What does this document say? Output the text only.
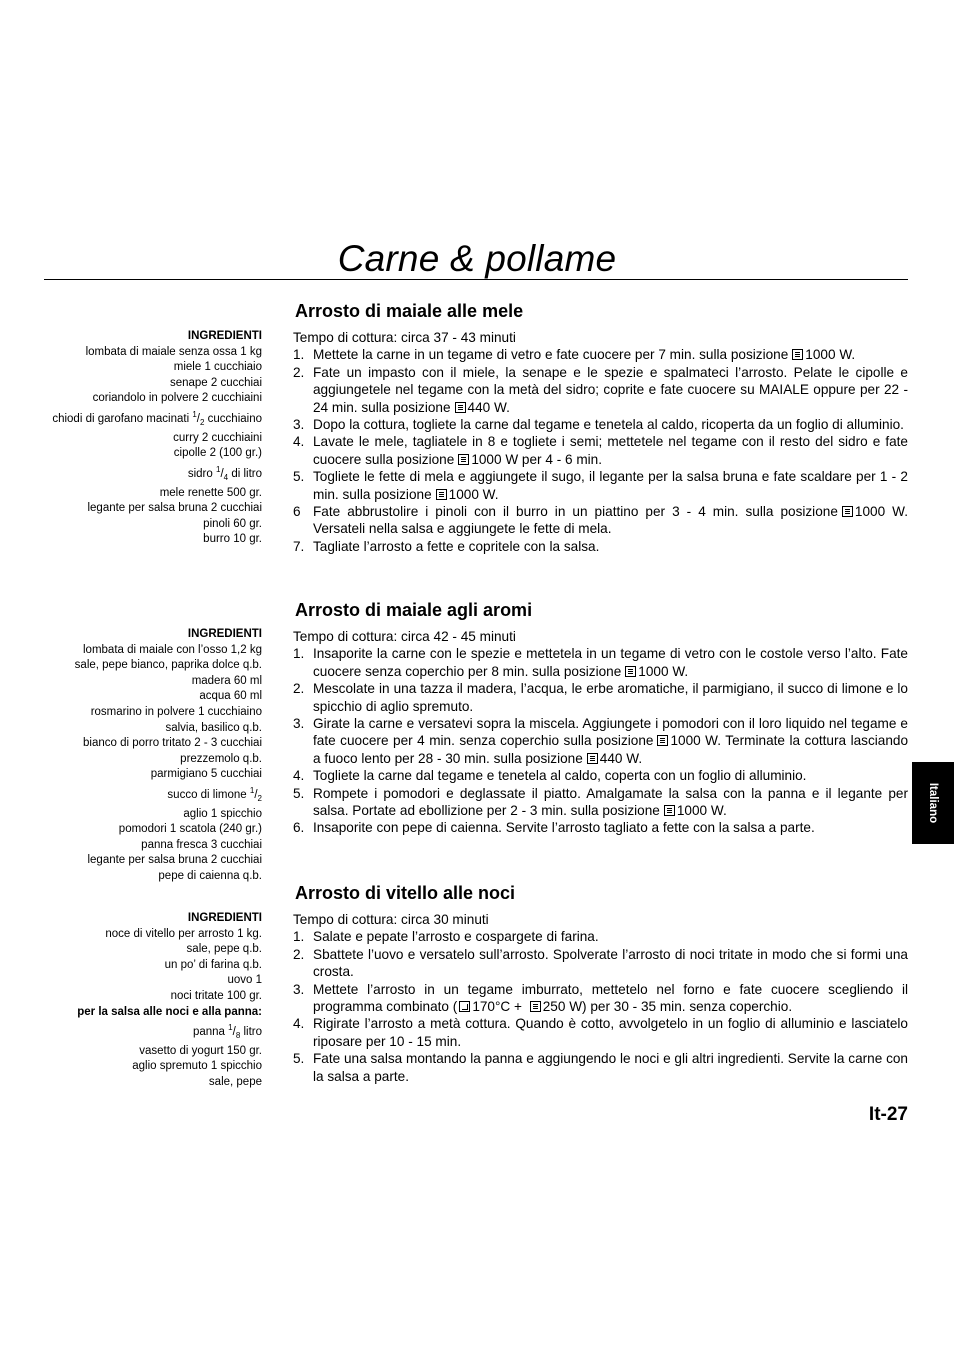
Carne & pollame
Arrosto di maiale alle mele
INGREDIENTI
lombata di maiale senza ossa 1 kg
miele 1 cucchiaio
senape 2 cucchiai
coriandolo in polvere 2 cucchiaini
chiodi di garofano macinati $^1/_2$ cucchiaino
curry 2 cucchiaini
cipolle 2 (100 gr.)
sidro $^1/_4$ di litro
mele renette 500 gr.
legante per salsa bruna 2 cucchiai
pinoli 60 gr.
burro 10 gr.
Tempo di cottura: circa 37 - 43 minuti
1. Mettete la carne in un tegame di vetro e fate cuocere per 7 min. sulla posizione 1000 W.
2. Fate un impasto con il miele, la senape e le spezie e spalmateci l’arrosto. Pelate le cipolle e aggiungetele nel tegame con la metà del sidro; coprite e fate cuocere su MAIALE oppure per 22 - 24 min. sulla posizione 440 W.
3. Dopo la cottura, togliete la carne dal tegame e tenetela al caldo, ricoperta da un foglio di alluminio.
4. Lavate le mele, tagliatele in 8 e togliete i semi; mettetele nel tegame con il resto del sidro e fate cuocere sulla posizione 1000 W per 4 - 6 min.
5. Togliete le fette di mela e aggiungete il sugo, il legante per la salsa bruna e fate scaldare per 1 - 2 min. sulla posizione 1000 W.
6 Fate abbrustolire i pinoli con il burro in un piattino per 3 - 4 min. sulla posizione 1000 W. Versateli nella salsa e aggiungete le fette di mela.
7. Tagliate l’arrosto a fette e copritele con la salsa.
Arrosto di maiale agli aromi
INGREDIENTI
lombata di maiale con l’osso 1,2 kg
sale, pepe bianco, paprika dolce q.b.
madera 60 ml
acqua 60 ml
rosmarino in polvere 1 cucchiaino
salvia, basilico q.b.
bianco di porro tritato 2 - 3 cucchiai
prezzemolo q.b.
parmigiano 5 cucchiai
succo di limone $^1/_2$
aglio 1 spicchio
pomodori 1 scatola (240 gr.)
panna fresca 3 cucchiai
legante per salsa bruna 2 cucchiai
pepe di caienna q.b.
Tempo di cottura: circa 42 - 45 minuti
1. Insaporite la carne con le spezie e mettetela in un tegame di vetro con le costole verso l’alto. Fate cuocere senza coperchio per 8 min. sulla posizione 1000 W.
2. Mescolate in una tazza il madera, l’acqua, le erbe aromatiche, il parmigiano, il succo di limone e lo spicchio di aglio spremuto.
3. Girate la carne e versatevi sopra la miscela. Aggiungete i pomodori con il loro liquido nel tegame e fate cuocere per 4 min. senza coperchio sulla posizione 1000 W. Terminate la cottura lasciando a fuoco lento per 28 - 30 min. sulla posizione 440 W.
4. Togliete la carne dal tegame e tenetela al caldo, coperta con un foglio di alluminio.
5. Rompete i pomodori e deglassate il piatto. Amalgamate la salsa con la panna e il legante per salsa. Portate ad ebollizione per 2 - 3 min. sulla posizione 1000 W.
6. Insaporite con pepe di caienna. Servite l’arrosto tagliato a fette con la salsa a parte.
Arrosto di vitello alle noci
INGREDIENTI
noce di vitello per arrosto 1 kg.
sale, pepe q.b.
un po’ di farina q.b.
uovo 1
noci tritate 100 gr.
per la salsa alle noci e alla panna:
panna $^1/_8$ litro
vasetto di yogurt 150 gr.
aglio spremuto 1 spicchio
sale, pepe
Tempo di cottura: circa 30 minuti
1. Salate e pepate l’arrosto e cospargete di farina.
2. Sbattete l’uovo e versatelo sull’arrosto. Spolverate l’arrosto di noci tritate in modo che si formi una crosta.
3. Mettete l’arrosto in un tegame imburrato, mettetelo nel forno e fate cuocere scegliendo il programma combinato ( 170°C + 250 W) per 30 - 35 min. senza coperchio.
4. Rigirate l’arrosto a metà cottura. Quando è cotto, avvolgetelo in un foglio di alluminio e lasciatelo riposare per 10 - 15 min.
5. Fate una salsa montando la panna e aggiungendo le noci e gli altri ingredienti. Servite la carne con la salsa a parte.
Italiano
It-27
